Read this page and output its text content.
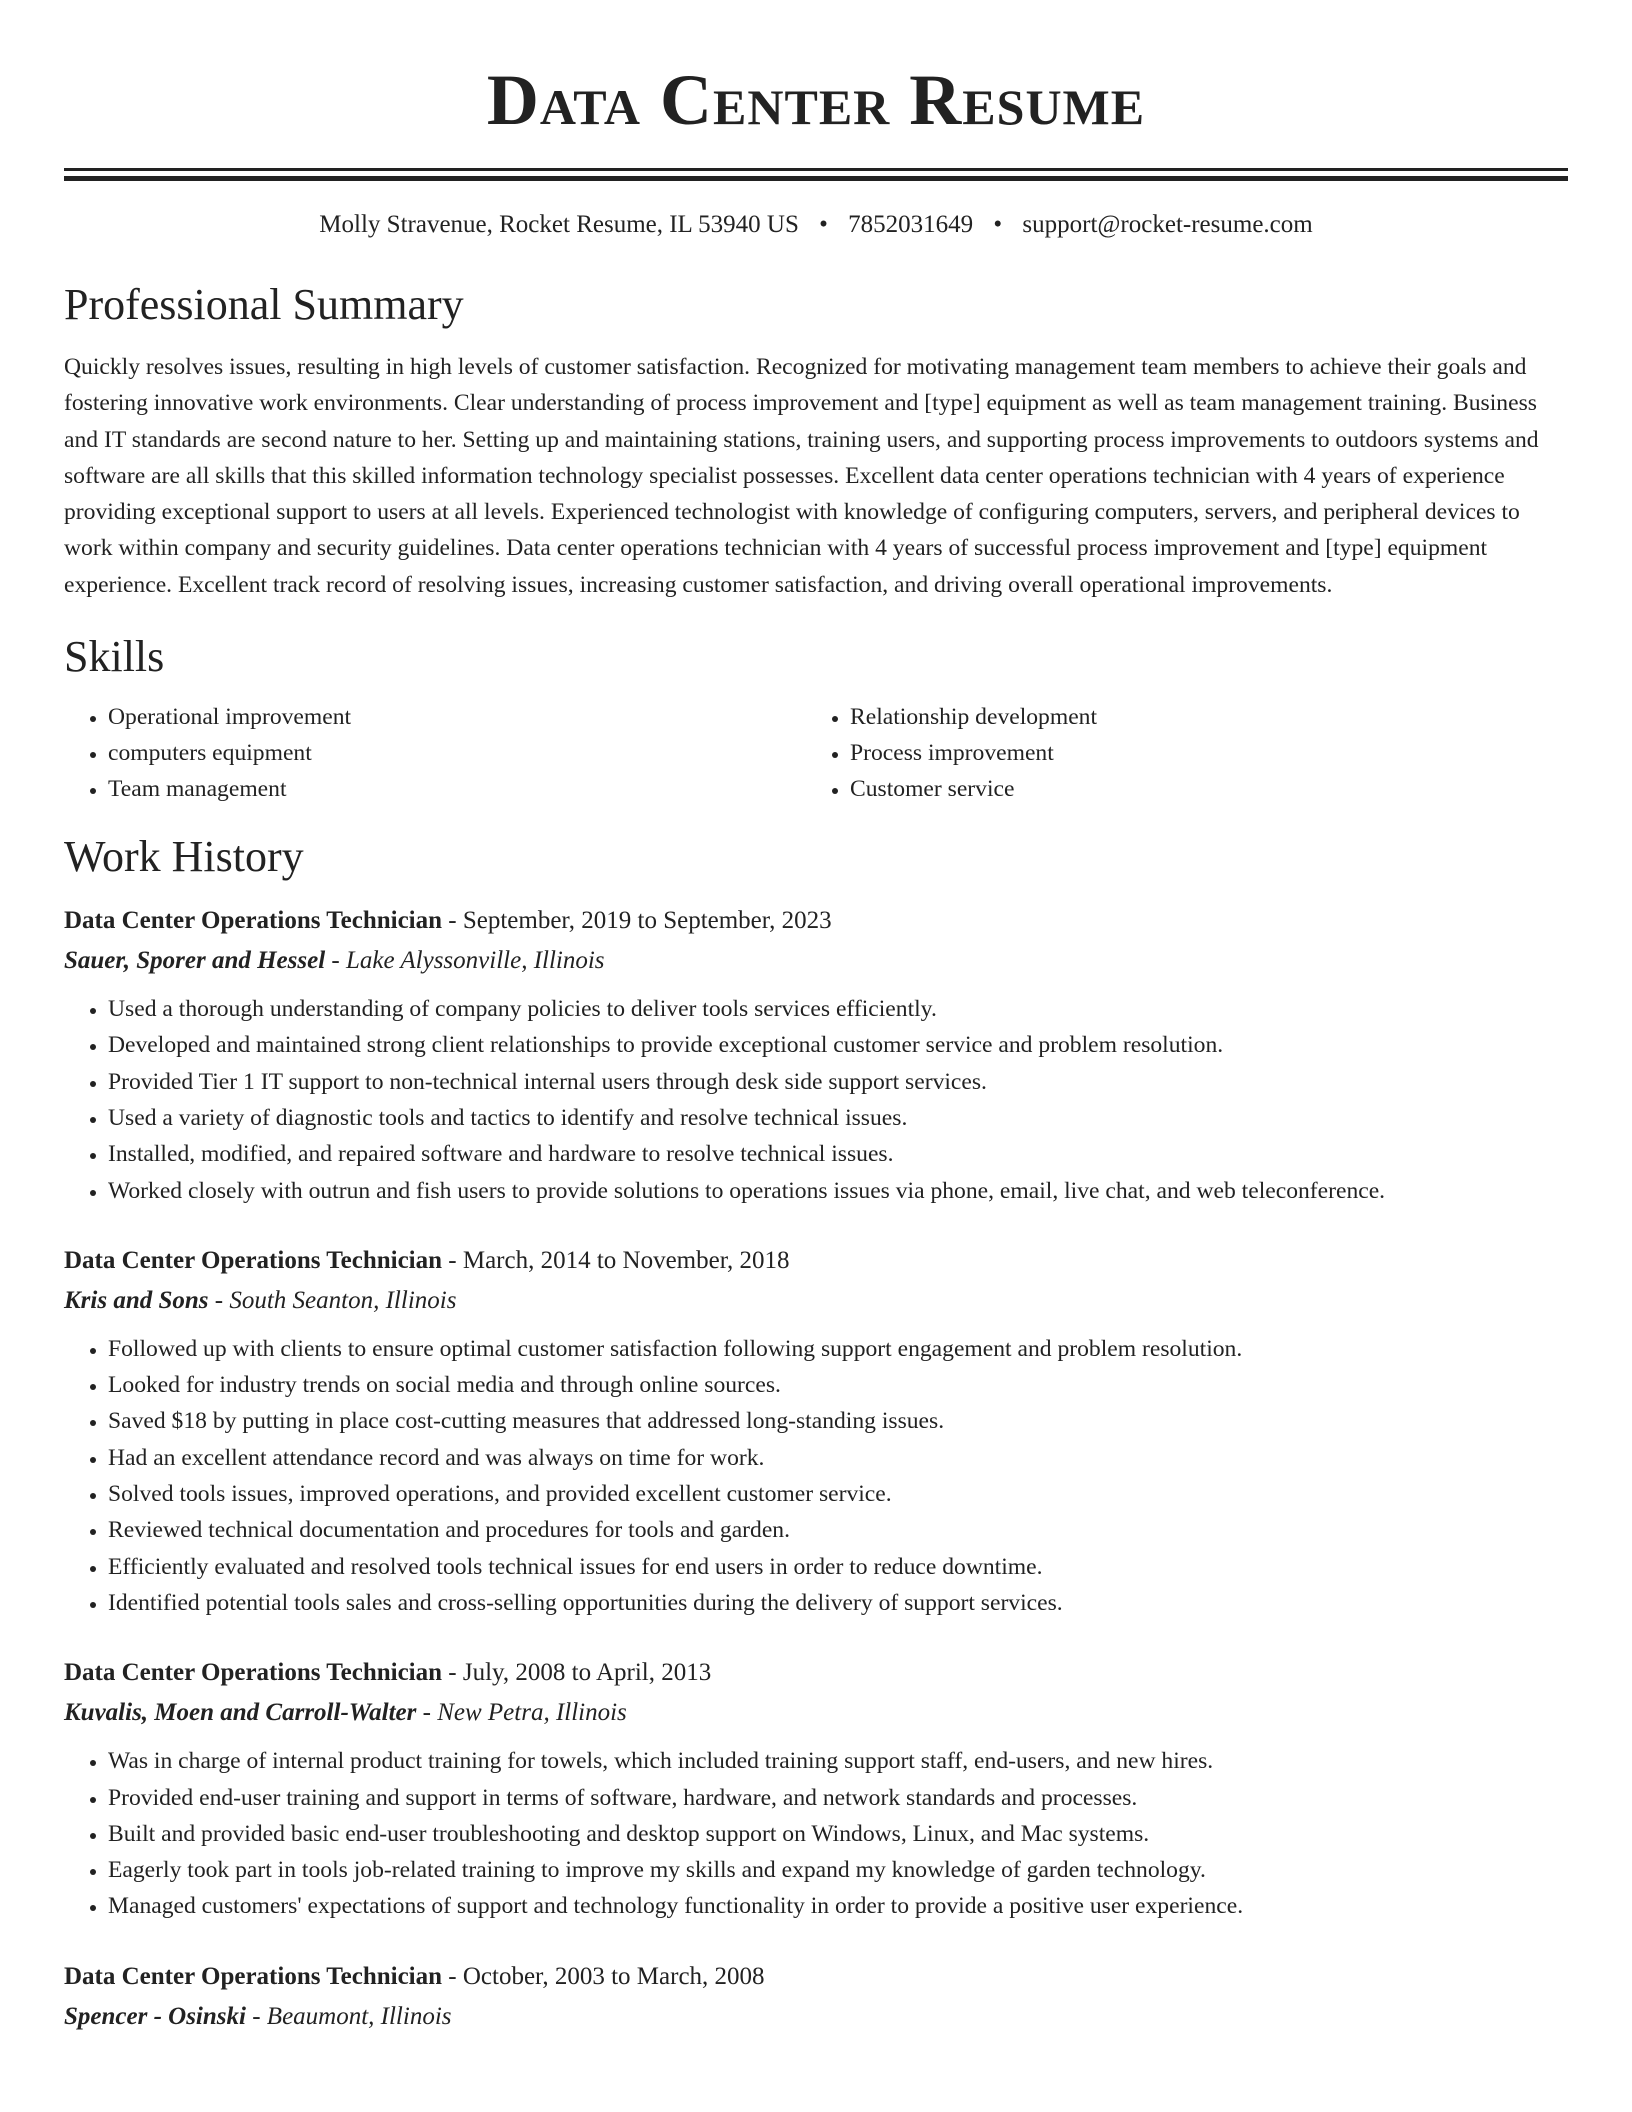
Data Center Resume
Molly Stravenue, Rocket Resume, IL 53940 US • 7852031649 • support@rocket-resume.com
Professional Summary

Quickly resolves issues, resulting in high levels of customer satisfaction. Recognized for motivating management team members to achieve their goals and fostering innovative work environments. Clear understanding of process improvement and [type] equipment as well as team management training. Business and IT standards are second nature to her. Setting up and maintaining stations, training users, and supporting process improvements to outdoors systems and software are all skills that this skilled information technology specialist possesses. Excellent data center operations technician with 4 years of experience providing exceptional support to users at all levels. Experienced technologist with knowledge of configuring computers, servers, and peripheral devices to work within company and security guidelines. Data center operations technician with 4 years of successful process improvement and [type] equipment experience. Excellent track record of resolving issues, increasing customer satisfaction, and driving overall operational improvements.

Skills
• Operational improvement
• computers equipment
• Team management
• Relationship development
• Process improvement
• Customer service
Work History
Data Center Operations Technician - September, 2019 to September, 2023
Sauer, Sporer and Hessel - Lake Alyssonville, Illinois
• Used a thorough understanding of company policies to deliver tools services efficiently.
• Developed and maintained strong client relationships to provide exceptional customer service and problem resolution.
• Provided Tier 1 IT support to non-technical internal users through desk side support services.
• Used a variety of diagnostic tools and tactics to identify and resolve technical issues.
• Installed, modified, and repaired software and hardware to resolve technical issues.
• Worked closely with outrun and fish users to provide solutions to operations issues via phone, email, live chat, and web teleconference.
Data Center Operations Technician - March, 2014 to November, 2018
Kris and Sons - South Seanton, Illinois
• Followed up with clients to ensure optimal customer satisfaction following support engagement and problem resolution.
• Looked for industry trends on social media and through online sources.
• Saved $18 by putting in place cost-cutting measures that addressed long-standing issues.
• Had an excellent attendance record and was always on time for work.
• Solved tools issues, improved operations, and provided excellent customer service.
• Reviewed technical documentation and procedures for tools and garden.
• Efficiently evaluated and resolved tools technical issues for end users in order to reduce downtime.
• Identified potential tools sales and cross-selling opportunities during the delivery of support services.
Data Center Operations Technician - July, 2008 to April, 2013
Kuvalis, Moen and Carroll-Walter - New Petra, Illinois
• Was in charge of internal product training for towels, which included training support staff, end-users, and new hires.
• Provided end-user training and support in terms of software, hardware, and network standards and processes.
• Built and provided basic end-user troubleshooting and desktop support on Windows, Linux, and Mac systems.
• Eagerly took part in tools job-related training to improve my skills and expand my knowledge of garden technology.
• Managed customers' expectations of support and technology functionality in order to provide a positive user experience.
Data Center Operations Technician - October, 2003 to March, 2008
Spencer - Osinski - Beaumont, Illinois
